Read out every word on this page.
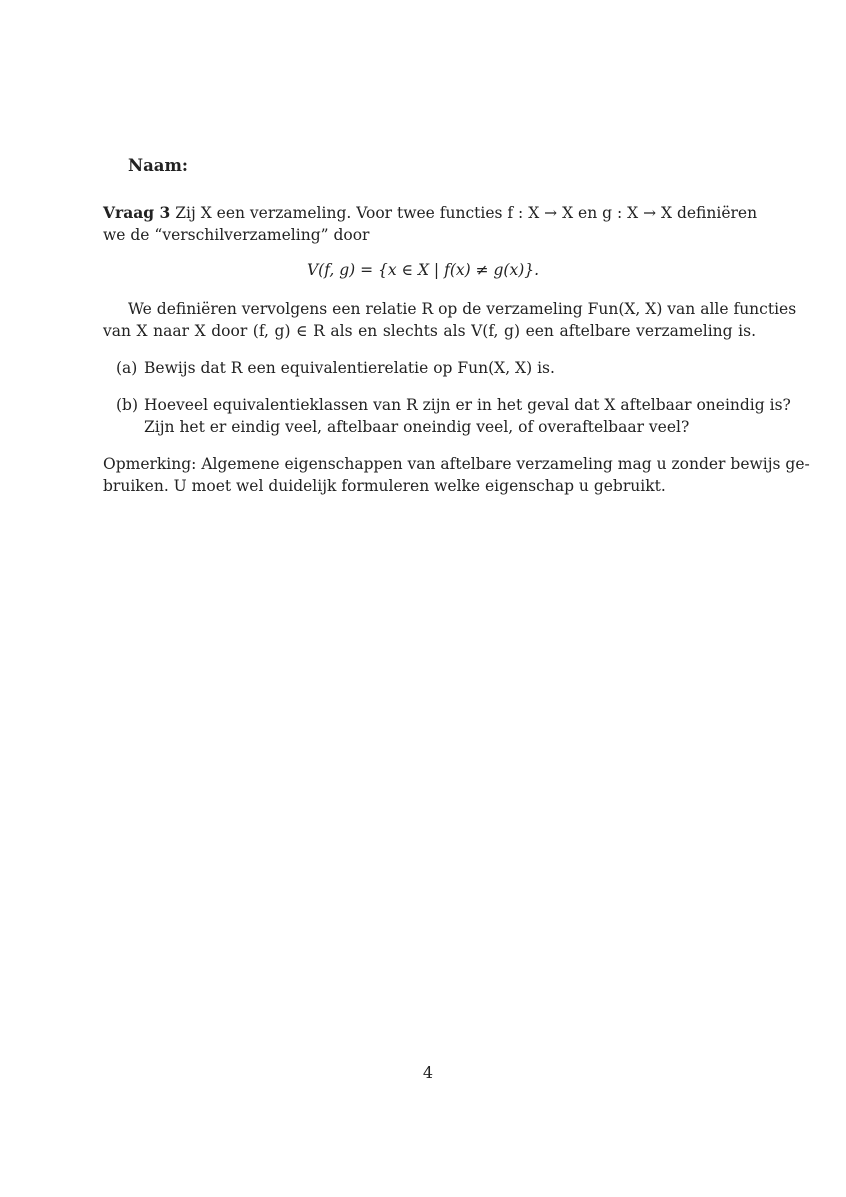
Naam:
Vraag 3 Zij X een verzameling. Voor twee functies f : X → X en g : X → X definiëren
we de “verschilverzameling” door
V(f, g) = {x ∈ X | f(x) ≠ g(x)}.
We definiëren vervolgens een relatie R op de verzameling Fun(X, X) van alle functies
van X naar X door (f, g) ∈ R als en slechts als V(f, g) een aftelbare verzameling is.
(a) Bewijs dat R een equivalentierelatie op Fun(X, X) is.
(b) Hoeveel equivalentieklassen van R zijn er in het geval dat X aftelbaar oneindig is?
Zijn het er eindig veel, aftelbaar oneindig veel, of overaftelbaar veel?
Opmerking: Algemene eigenschappen van aftelbare verzameling mag u zonder bewijs ge-
bruiken. U moet wel duidelijk formuleren welke eigenschap u gebruikt.
4
